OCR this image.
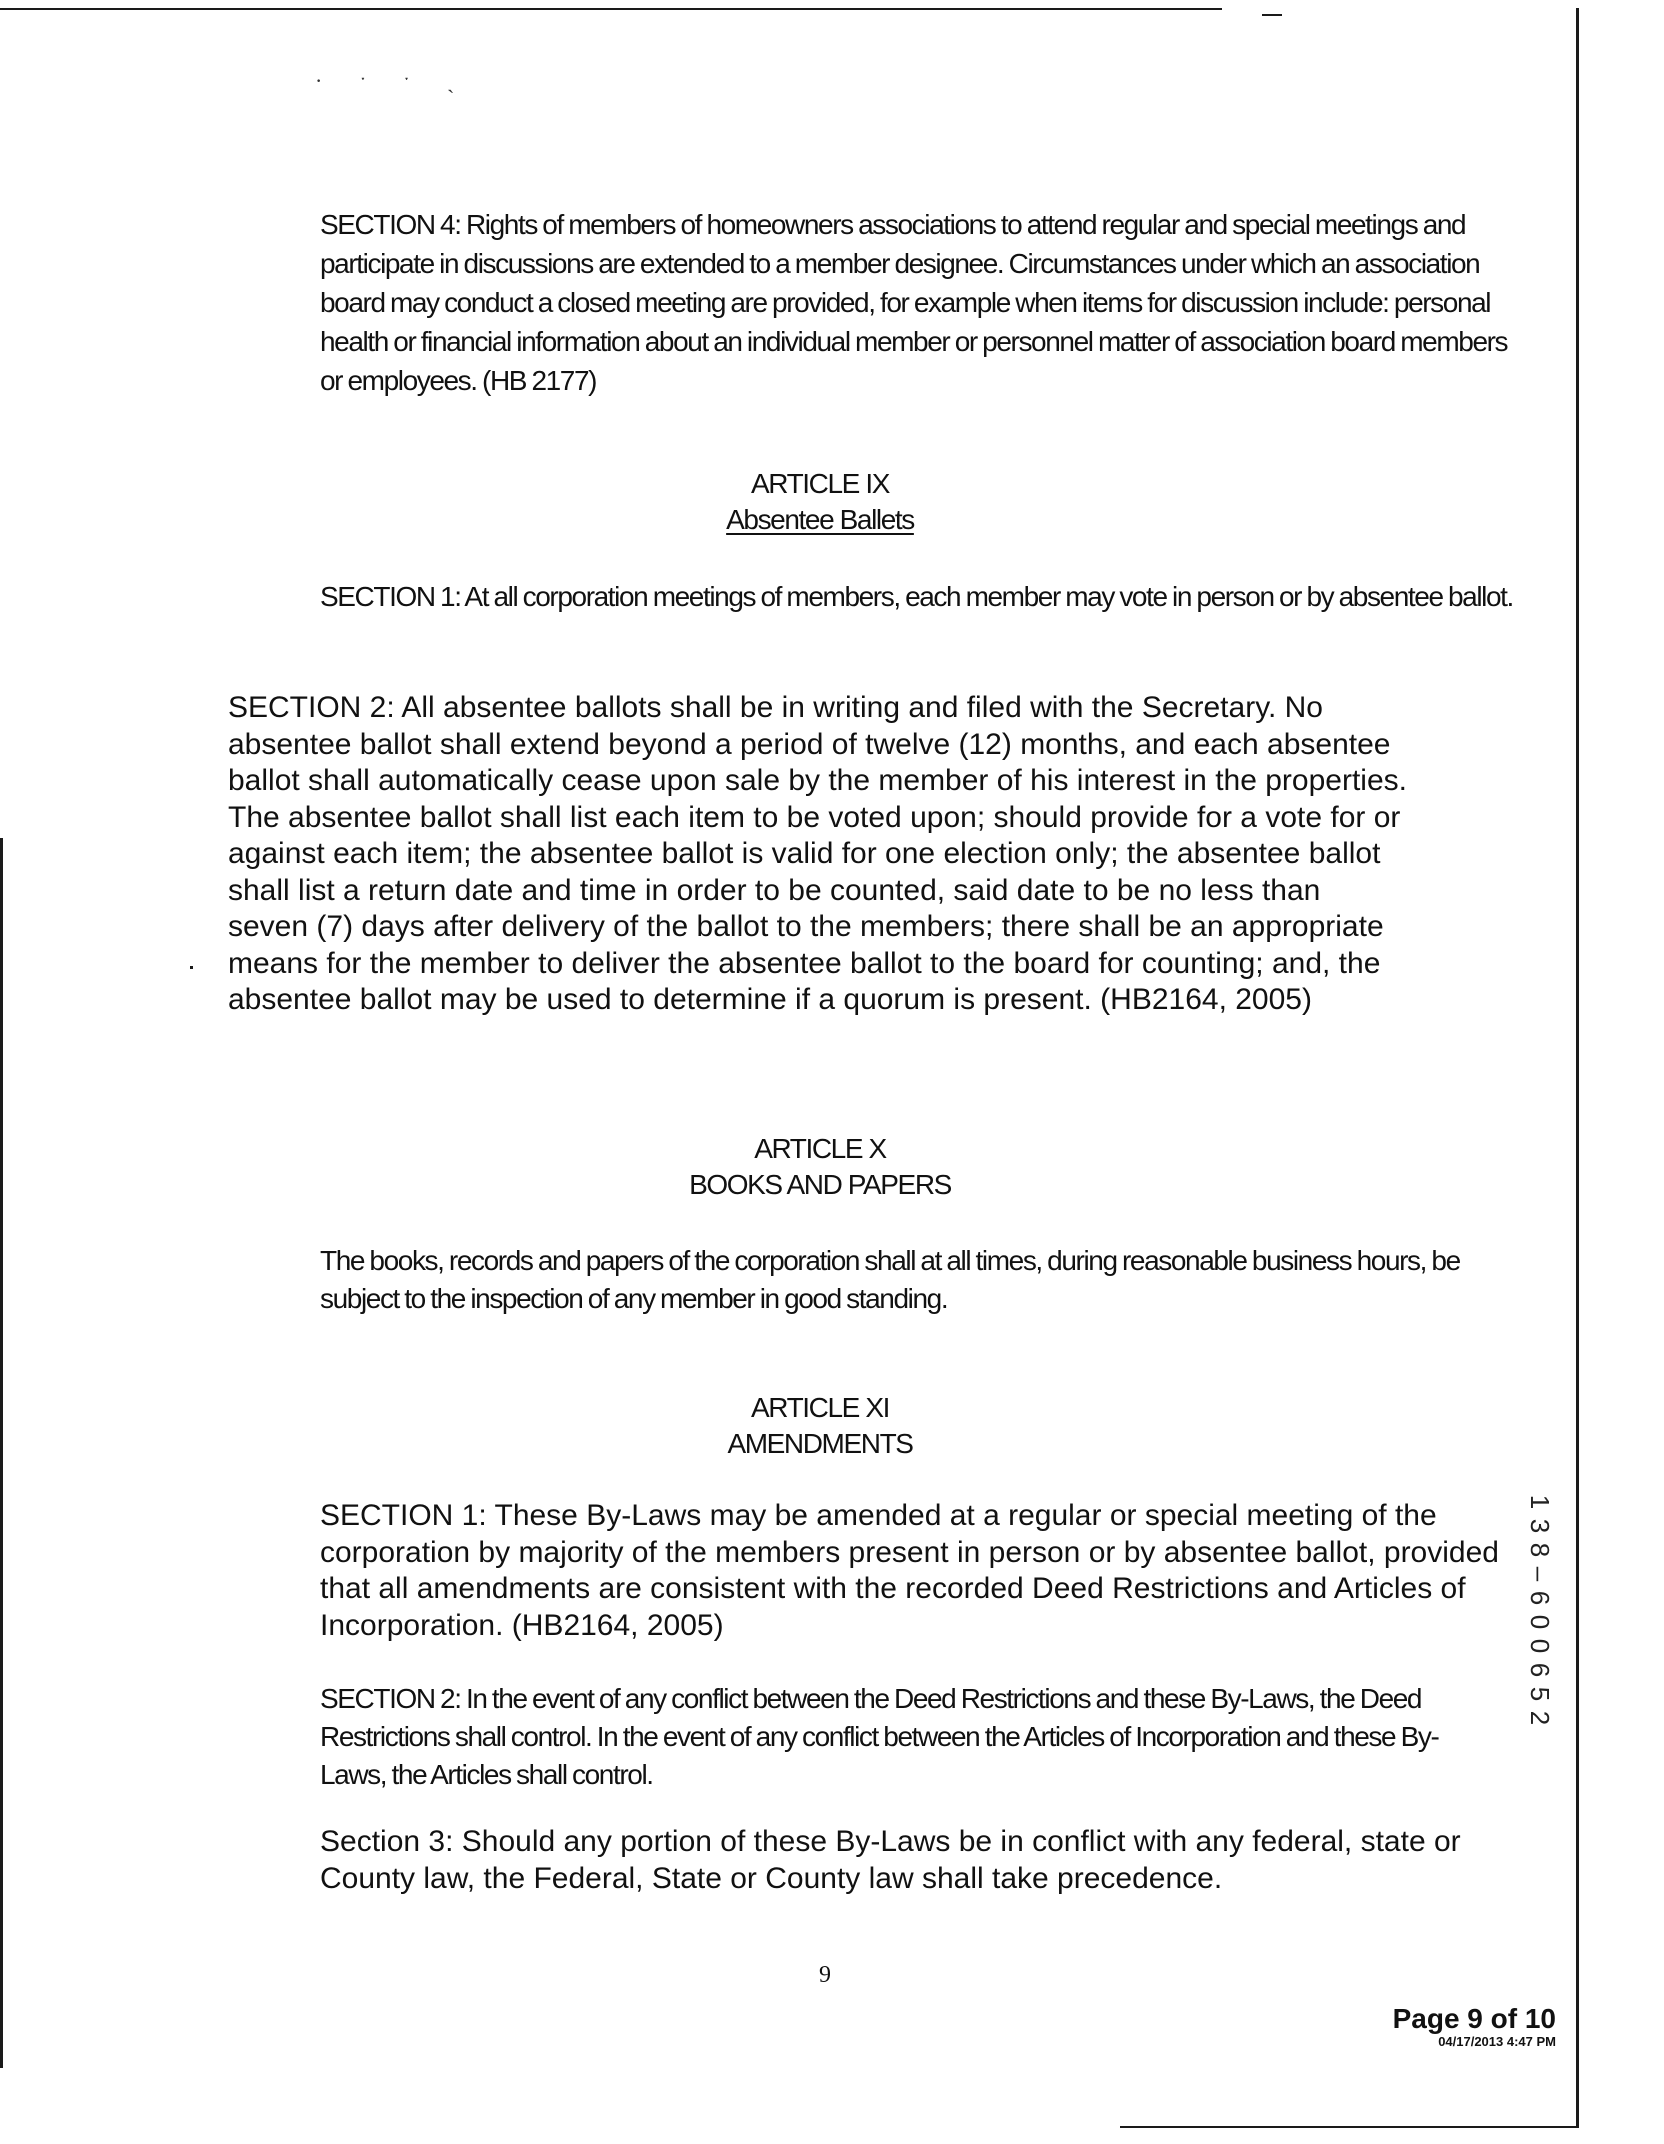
· ˑ ˑ ˎ

SECTION 4: Rights of members of homeowners associations to attend regular and special meetings and participate in discussions are extended to a member designee. Circumstances under which an association board may conduct a closed meeting are provided, for example when items for discussion include: personal health or financial information about an individual member or personnel matter of association board members or employees. (HB 2177)

ARTICLE IX

Absentee Ballets

SECTION 1: At all corporation meetings of members, each member may vote in person or by absentee ballot.

SECTION 2: All absentee ballots shall be in writing and filed with the Secretary. No absentee ballot shall extend beyond a period of twelve (12) months, and each absentee ballot shall automatically cease upon sale by the member of his interest in the properties. The absentee ballot shall list each item to be voted upon; should provide for a vote for or against each item; the absentee ballot is valid for one election only; the absentee ballot shall list a return date and time in order to be counted, said date to be no less than seven (7) days after delivery of the ballot to the members; there shall be an appropriate means for the member to deliver the absentee ballot to the board for counting; and, the absentee ballot may be used to determine if a quorum is present. (HB2164, 2005)

ARTICLE X

BOOKS AND PAPERS

The books, records and papers of the corporation shall at all times, during reasonable business hours, be subject to the inspection of any member in good standing.

ARTICLE XI

AMENDMENTS

SECTION 1: These By-Laws may be amended at a regular or special meeting of the corporation by majority of the members present in person or by absentee ballot, provided that all amendments are consistent with the recorded Deed Restrictions and Articles of Incorporation. (HB2164, 2005)

SECTION 2: In the event of any conflict between the Deed Restrictions and these By-Laws, the Deed Restrictions shall control. In the event of any conflict between the Articles of Incorporation and these By-Laws, the Articles shall control.

Section 3: Should any portion of these By-Laws be in conflict with any federal, state or County law, the Federal, State or County law shall take precedence.

9
1
3
8
–
6
0
0
6
5
2
Page 9 of 10
04/17/2013 4:47 PM
